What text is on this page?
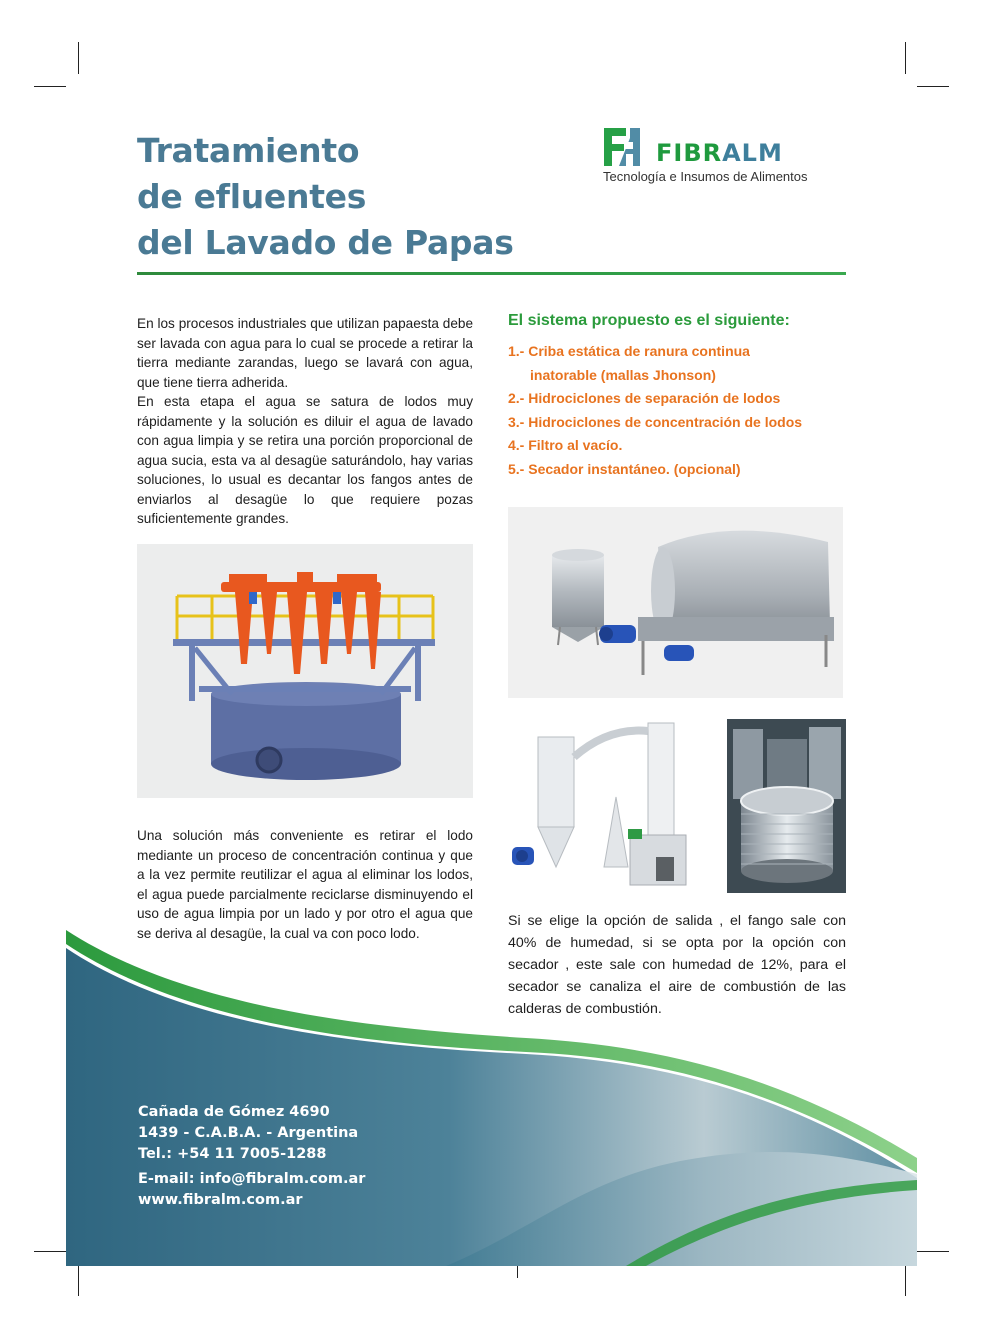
Tratamiento
de efluentes
del Lavado de Papas
FIBRALM
Tecnología e Insumos de Alimentos

En los procesos industriales que utilizan papaesta debe ser lavada con agua para lo cual se procede a retirar la tierra mediante zarandas, luego se lavará con agua, que tiene tierra adherida.
En esta etapa el agua se satura de lodos muy rápidamente y la solución es diluir el agua de lavado con agua limpia y se retira una porción proporcional de agua sucia, esta va al desagüe saturándolo, hay varias soluciones, lo usual es decantar los fangos antes de enviarlos al desagüe lo que requiere pozas suficientemente grandes.

Una solución más conveniente es retirar el lodo mediante un proceso de concentración continua y que a la vez permite reutilizar el agua al eliminar los lodos, el agua puede parcialmente reciclarse disminuyendo el uso de agua limpia por un lado y por otro el agua que se deriva al desagüe, la cual va con poco lodo.

El sistema propuesto es el siguiente:
1.- Criba estática de ranura continua
inatorable (mallas Jhonson)
2.- Hidrociclones de separación de lodos
3.- Hidrociclones de concentración de lodos
4.- Filtro al vacío.
5.- Secador instantáneo. (opcional)

Si se elige la opción de salida , el fango sale con 40% de humedad, si se opta por la opción con secador , este sale con humedad de 12%, para el secador se canaliza el aire de combustión de las calderas de combustión.

Cañada de Gómez 4690
1439 - C.A.B.A. - Argentina
Tel.: +54 11 7005-1288
E-mail: info@fibralm.com.ar
www.fibralm.com.ar
